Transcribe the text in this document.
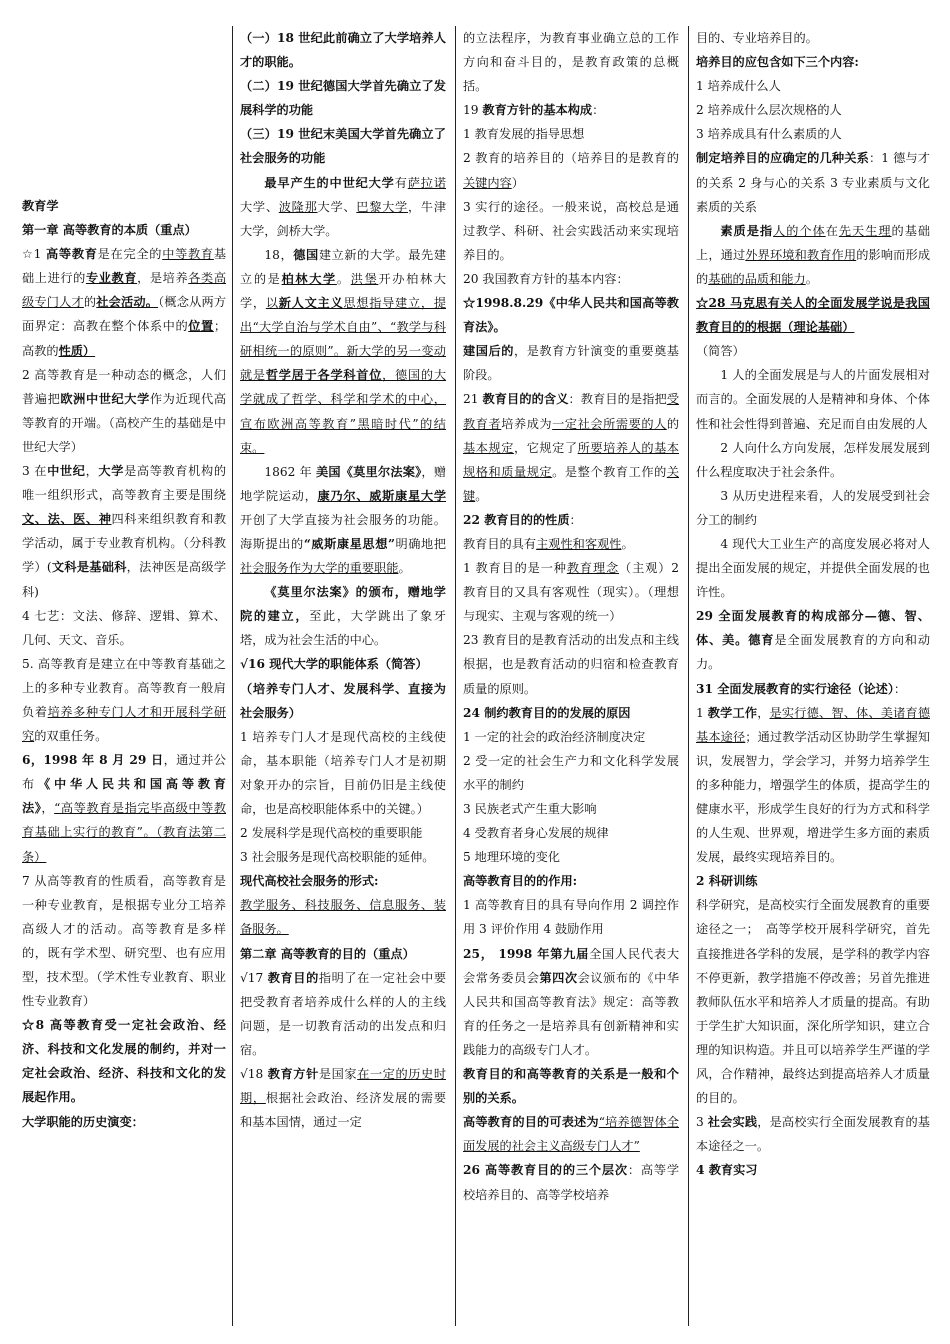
教育学

第一章 高等教育的本质（重点）

☆1 高等教育是在完全的中等教育基础上进行的专业教育，是培养各类高级专门人才的社会活动。（概念从两方面界定：高教在整个体系中的位置；高教的性质）

2 高等教育是一种动态的概念，人们普遍把欧洲中世纪大学作为近现代高等教育的开端。（高校产生的基础是中世纪大学）

3 在中世纪，大学是高等教育机构的唯一组织形式，高等教育主要是围绕文、法、医、神四科来组织教育和教学活动，属于专业教育机构。（分科教学）(文科是基础科，法神医是高级学科)

4 七艺：文法、修辞、逻辑、算术、几何、天文、音乐。

5. 高等教育是建立在中等教育基础之上的多种专业教育。高等教育一般肩负着培养多种专门人才和开展科学研究的双重任务。

6，1998 年 8 月 29 日，通过并公布《中华人民共和国高等教育法》，“高等教育是指完毕高级中等教育基础上实行的教育”。（教育法第二条）

7 从高等教育的性质看，高等教育是一种专业教育，是根据专业分工培养高级人才的活动。高等教育是多样的，既有学术型、研究型、也有应用型，技术型。（学术性专业教育、职业性专业教育）

☆8 高等教育受一定社会政治、经济、科技和文化发展的制约，并对一定社会政治、经济、科技和文化的发展起作用。

大学职能的历史演变：

（一）18 世纪此前确立了大学培养人才的职能。

（二）19 世纪德国大学首先确立了发展科学的功能

（三）19 世纪末美国大学首先确立了社会服务的功能

最早产生的中世纪大学有萨拉诺大学、波隆那大学、巴黎大学，牛津大学，剑桥大学。

18，德国建立新的大学。最先建立的是柏林大学。洪堡开办柏林大学，以新人文主义思想指导建立，提出“大学自治与学术自由”、“教学与科研相统一的原则”。新大学的另一变动就是哲学居于各学科首位，德国的大学就成了哲学、科学和学术的中心，宣布欧洲高等教育”黑暗时代”的结束。

1862 年 美国《莫里尔法案》，赠地学院运动，康乃尔、威斯康星大学开创了大学直接为社会服务的功能。海斯提出的“威斯康星思想”明确地把社会服务作为大学的重要职能。

《莫里尔法案》的颁布，赠地学院的建立，至此，大学跳出了象牙塔，成为社会生活的中心。

√16 现代大学的职能体系（简答）

（培养专门人才、发展科学、直接为社会服务）

1 培养专门人才是现代高校的主线使命，基本职能（培养专门人才是初期对象开办的宗旨，目前仍旧是主线使命，也是高校职能体系中的关键。）

2 发展科学是现代高校的重要职能

3 社会服务是现代高校职能的延伸。

现代高校社会服务的形式:

教学服务、科技服务、信息服务、装备服务。

第二章 高等教育的目的（重点）

√17 教育目的指明了在一定社会中要把受教育者培养成什么样的人的主线问题，是一切教育活动的出发点和归宿。

√18 教育方针是国家在一定的历史时期，根据社会政治、经济发展的需要和基本国情，通过一定

的立法程序，为教育事业确立总的工作方向和奋斗目的，是教育政策的总概括。

19 教育方针的基本构成：

1 教育发展的指导思想

2 教育的培养目的（培养目的是教育的关键内容）

3 实行的途径。一般来说，高校总是通过教学、科研、社会实践活动来实现培养目的。

20 我国教育方针的基本内容：

☆1998.8.29《中华人民共和国高等教育法》。

建国后的，是教育方针演变的重要奠基阶段。

21 教育目的的含义：教育目的是指把受教育者培养成为一定社会所需要的人的基本规定，它规定了所要培养人的基本规格和质量规定。是整个教育工作的关键。

22 教育目的的性质：

教育目的具有主观性和客观性。

1 教育目的是一种教育理念（主观）2 教育目的又具有客观性（现实）。（理想与现实、主观与客观的统一）

23 教育目的是教育活动的出发点和主线根据，也是教育活动的归宿和检查教育质量的原则。

24 制约教育目的的发展的原因

1 一定的社会的政治经济制度决定

2 受一定的社会生产力和文化科学发展水平的制约

3 民族老式产生重大影响

4 受教育者身心发展的规律

5 地理环境的变化

高等教育目的的作用:

1 高等教育目的具有导向作用 2 调控作用 3 评价作用 4 鼓励作用

25， 1998 年第九届全国人民代表大会常务委员会第四次会议颁布的《中华人民共和国高等教育法》规定：高等教育的任务之一是培养具有创新精神和实践能力的高级专门人才。

教育目的和高等教育的关系是一般和个别的关系。

高等教育的目的可表述为“培养德智体全面发展的社会主义高级专门人才”

26 高等教育目的的三个层次：高等学校培养目的、高等学校培养

目的、专业培养目的。

培养目的应包含如下三个内容:

1 培养成什么人

2 培养成什么层次规格的人

3 培养成具有什么素质的人

制定培养目的应确定的几种关系：1 德与才的关系 2 身与心的关系 3 专业素质与文化素质的关系

素质是指人的个体在先天生理的基础上，通过外界环境和教育作用的影响而形成的基础的品质和能力。

☆28 马克思有关人的全面发展学说是我国教育目的的根据（理论基础）

（简答）

1 人的全面发展是与人的片面发展相对而言的。全面发展的人是精神和身体、个体性和社会性得到普遍、充足而自由发展的人

2 人向什么方向发展，怎样发展发展到什么程度取决于社会条件。

3 从历史进程来看，人的发展受到社会分工的制约

4 现代大工业生产的高度发展必将对人提出全面发展的规定，并提供全面发展的也许性。

29 全面发展教育的构成部分—德、智、体、美。德育是全面发展教育的方向和动力。

31 全面发展教育的实行途径（论述）：

1 教学工作，是实行德、智、体、美诸育德基本途径；通过教学活动区协助学生掌握知识，发展智力，学会学习，并努力培养学生的多种能力，增强学生的体质，提高学生的健康水平，形成学生良好的行为方式和科学的人生观、世界观，增进学生多方面的素质发展，最终实现培养目的。

2 科研训练

科学研究，是高校实行全面发展教育的重要途径之一；　高等学校开展科学研究，首先直接推进各学科的发展，是学科的教学内容不停更新，教学措施不停改善；另首先推进教师队伍水平和培养人才质量的提高。有助于学生扩大知识面，深化所学知识，建立合理的知识构造。并且可以培养学生严谨的学风，合作精神，最终达到提高培养人才质量的目的。

3 社会实践，是高校实行全面发展教育的基本途径之一。

4 教育实习
